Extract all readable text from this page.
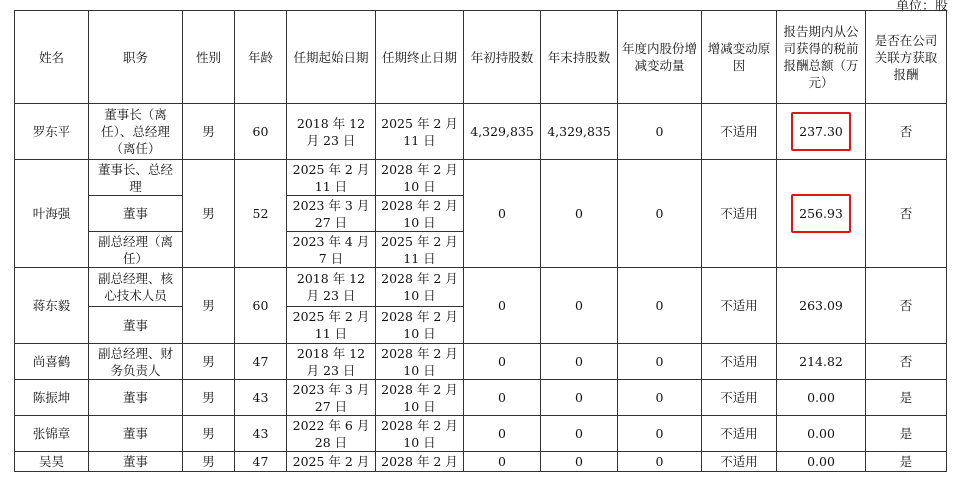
单位：股
姓名	职务	性别	年龄	任期起始日期	任期终止日期	年初持股数	年末持股数	年度内股份增减变动量	增减变动原因	报告期内从公司获得的税前报酬总额（万元）	是否在公司关联方获取报酬
罗东平	董事长（离任）、总经理（离任）	男	60	2018 年 12 月 23 日	2025 年 2 月 11 日	4,329,835	4,329,835	0	不适用	237.30	否
叶海强	董事长、总经理	男	52	2025 年 2 月 11 日	2028 年 2 月 10 日	0	0	0	不适用	256.93	否
	董事			2023 年 3 月 27 日	2028 年 2 月 10 日						
	副总经理（离任）			2023 年 4 月 7 日	2025 年 2 月 11 日						
蒋东毅	副总经理、核心技术人员	男	60	2018 年 12 月 23 日	2028 年 2 月 10 日	0	0	0	不适用	263.09	否
	董事			2025 年 2 月 11 日	2028 年 2 月 10 日						
尚喜鹤	副总经理、财务负责人	男	47	2018 年 12 月 23 日	2028 年 2 月 10 日	0	0	0	不适用	214.82	否
陈振坤	董事	男	43	2023 年 3 月 27 日	2028 年 2 月 10 日	0	0	0	不适用	0.00	是
张锦章	董事	男	43	2022 年 6 月 28 日	2028 年 2 月 10 日	0	0	0	不适用	0.00	是
吴昊	董事	男	47	2025 年 2 月	2028 年 2 月	0	0	0	不适用	0.00	是
